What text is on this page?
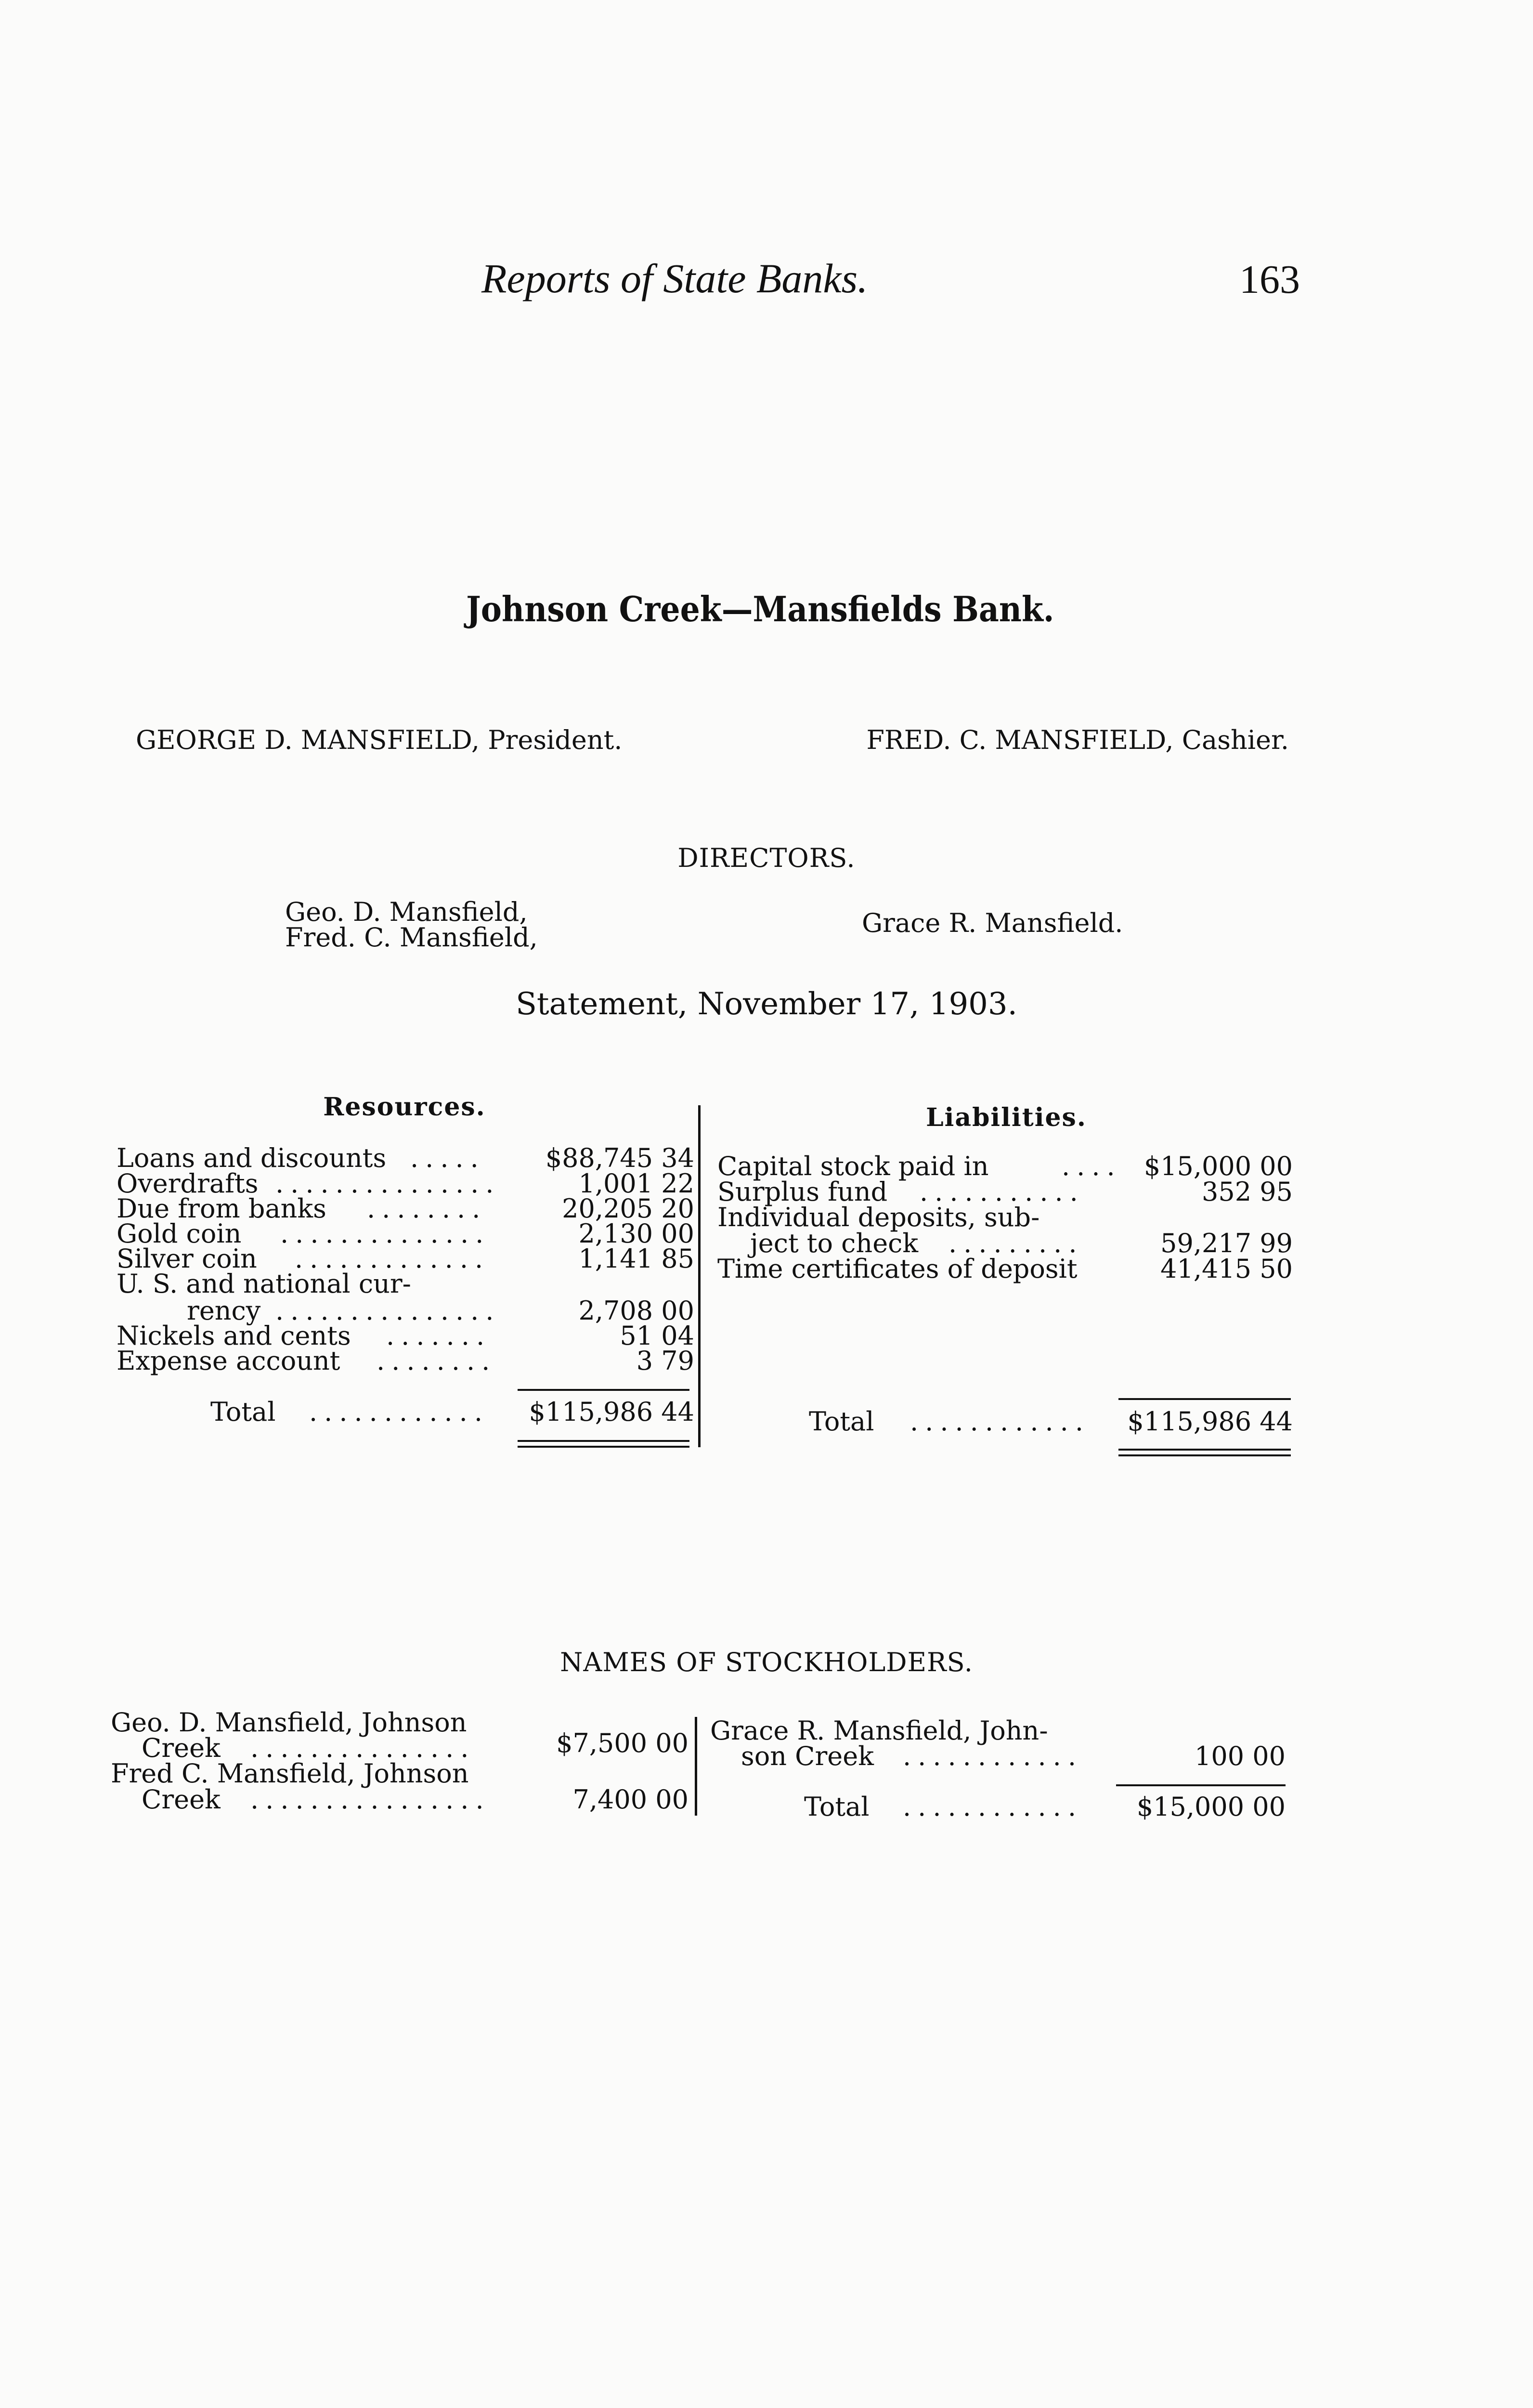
Reports of State Banks.	163
Johnson Creek—Mansfields Bank.
GEORGE D. MANSFIELD, President.	FRED. C. MANSFIELD, Cashier.
DIRECTORS.
Geo. D. Mansfield,
Fred. C. Mansfield,	Grace R. Mansfield.
Statement, November 17, 1903.
Resources.	Liabilities.
Loans and discounts .....	$88,745 34
Overdrafts ...............	1,001 22
Due from banks ........	20,205 20
Gold coin ..............	2,130 00
Silver coin .............	1,141 85
U. S. and national cur-
rency ...............	2,708 00
Nickels and cents .......	51 04
Expense account ........	3 79
Total ............ $115,986 44
Capital stock paid in	.... $15,000 00
Surplus fund ...........	352 95
Individual deposits, sub-
ject to check .........	59,217 99
Time certificates of deposit	41,415 50
Total ............ $115,986 44
NAMES OF STOCKHOLDERS.
Geo. D. Mansfield, Johnson
Creek ...............	$7,500 00
Fred C. Mansfield, Johnson
Creek ................	7,400 00
Grace R. Mansfield, John-
son Creek ............	100 00
Total ............ $15,000 00
